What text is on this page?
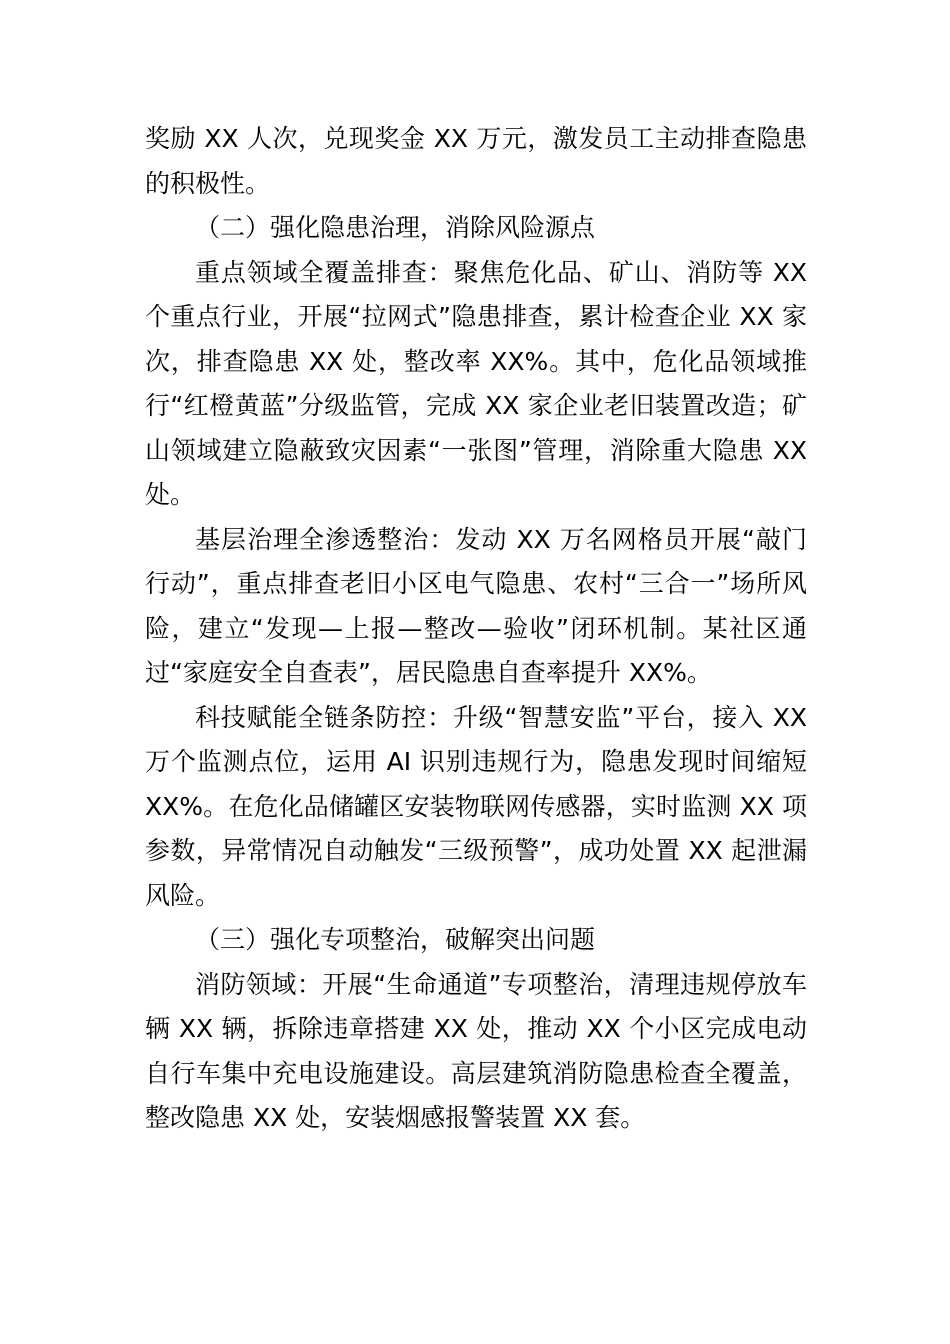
奖励 XX 人次，兑现奖金 XX 万元，激发员工主动排查隐患的积极性。

（二）强化隐患治理，消除风险源点

重点领域全覆盖排查：聚焦危化品、矿山、消防等 XX 个重点行业，开展“拉网式”隐患排查，累计检查企业 XX 家次，排查隐患 XX 处，整改率 XX%。其中，危化品领域推行“红橙黄蓝”分级监管，完成 XX 家企业老旧装置改造；矿山领域建立隐蔽致灾因素“一张图”管理，消除重大隐患 XX 处。

基层治理全渗透整治：发动 XX 万名网格员开展“敲门行动”，重点排查老旧小区电气隐患、农村“三合一”场所风险，建立“发现—上报—整改—验收”闭环机制。某社区通过“家庭安全自查表”，居民隐患自查率提升 XX%。

科技赋能全链条防控：升级“智慧安监”平台，接入 XX 万个监测点位，运用 AI 识别违规行为，隐患发现时间缩短 XX%。在危化品储罐区安装物联网传感器，实时监测 XX 项参数，异常情况自动触发“三级预警”，成功处置 XX 起泄漏风险。

（三）强化专项整治，破解突出问题

消防领域：开展“生命通道”专项整治，清理违规停放车辆 XX 辆，拆除违章搭建 XX 处，推动 XX 个小区完成电动自行车集中充电设施建设。高层建筑消防隐患检查全覆盖，整改隐患 XX 处，安装烟感报警装置 XX 套。
